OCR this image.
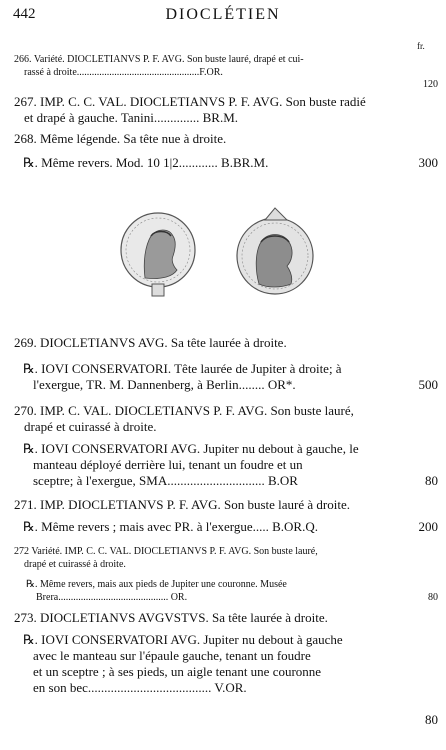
442	DIOCLÉTIEN
fr.
266. Variété. DIOCLETIANVS P. F. AVG. Son buste lauré, drapé et cui-
rassé à droite.................................................F.OR.
120
267. IMP. C. C. VAL. DIOCLETIANVS P. F. AVG. Son buste radié
et drapé à gauche. Tanini.............. BR.M.
268. Même légende. Sa tête nue à droite.
℞. Même revers. Mod. 10 1|2............ B.BR.M.	300
269. DIOCLETIANVS AVG. Sa tête laurée à droite.
℞. IOVI CONSERVATORI. Tête laurée de Jupiter à droite; à
l'exergue, TR. M. Dannenberg, à Berlin........ OR*.	500
270. IMP. C. VAL. DIOCLETIANVS P. F. AVG. Son buste lauré,
drapé et cuirassé à droite.
℞. IOVI CONSERVATORI AVG. Jupiter nu debout à gauche, le
manteau déployé derrière lui, tenant un foudre et un
sceptre; à l'exergue, SMA.............................. B.OR	80
271. IMP. DIOCLETIANVS P. F. AVG. Son buste lauré à droite.
℞. Même revers ; mais avec PR. à l'exergue..... B.OR.Q.	200
272 Variété. IMP. C. C. VAL. DIOCLETIANVS P. F. AVG. Son buste lauré,
drapé et cuirassé à droite.
℞. Même revers, mais aux pieds de Jupiter une couronne. Musée
Brera............................................ OR.	80
273. DIOCLETIANVS AVGVSTVS. Sa tête laurée à droite.
℞. IOVI CONSERVATORI AVG. Jupiter nu debout à gauche
avec le manteau sur l'épaule gauche, tenant un foudre
et un sceptre ; à ses pieds, un aigle tenant une couronne
en son bec...................................... V.OR.
80
